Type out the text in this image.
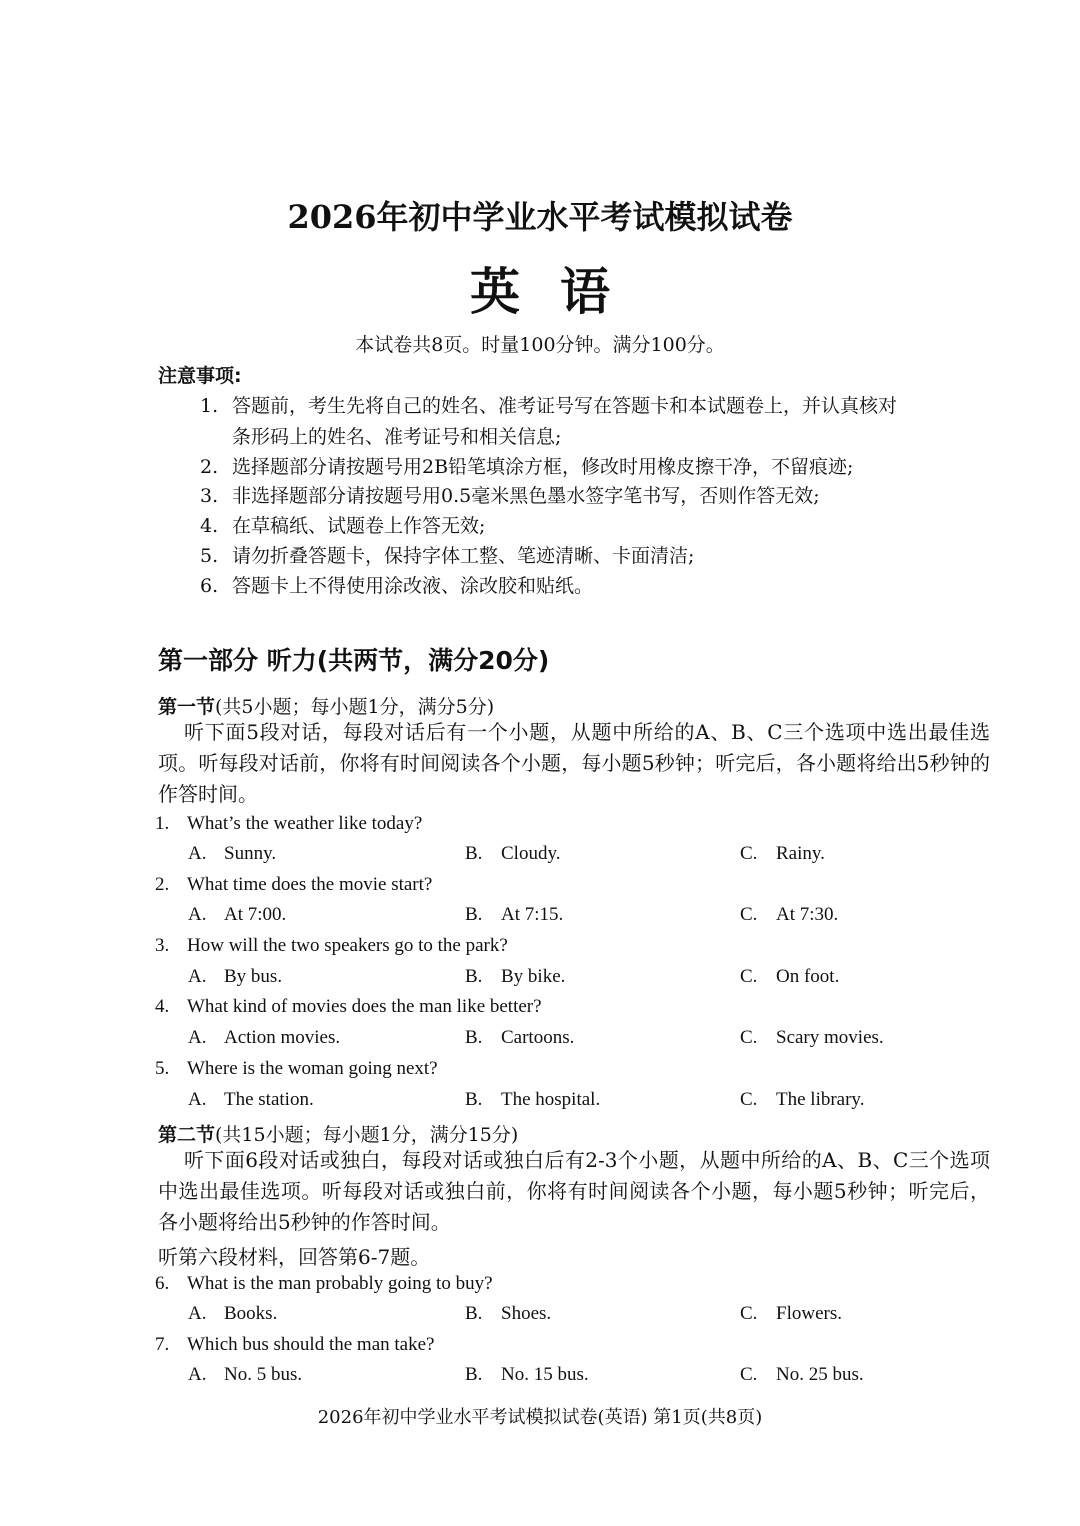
2026年初中学业水平考试模拟试卷
英语
本试卷共8页。时量100分钟。满分100分。
注意事项:
1. 答题前，考生先将自己的姓名、准考证号写在答题卡和本试题卷上，并认真核对
条形码上的姓名、准考证号和相关信息;
2. 选择题部分请按题号用2B铅笔填涂方框，修改时用橡皮擦干净，不留痕迹;
3. 非选择题部分请按题号用0.5毫米黑色墨水签字笔书写，否则作答无效;
4. 在草稿纸、试题卷上作答无效;
5. 请勿折叠答题卡，保持字体工整、笔迹清晰、卡面清洁;
6. 答题卡上不得使用涂改液、涂改胶和贴纸。
第一部分 听力(共两节，满分20分)
第一节(共5小题；每小题1分，满分5分)
听下面5段对话，每段对话后有一个小题，从题中所给的A、B、C三个选项中选出最佳选项。听每段对话前，你将有时间阅读各个小题，每小题5秒钟；听完后，各小题将给出5秒钟的作答时间。
1. What’s the weather like today?
A. Sunny.	B. Cloudy.	C. Rainy.
2. What time does the movie start?
A. At 7:00.	B. At 7:15.	C. At 7:30.
3. How will the two speakers go to the park?
A. By bus.	B. By bike.	C. On foot.
4. What kind of movies does the man like better?
A. Action movies.	B. Cartoons.	C. Scary movies.
5. Where is the woman going next?
A. The station.	B. The hospital.	C. The library.
第二节(共15小题；每小题1分，满分15分)
听下面6段对话或独白，每段对话或独白后有2-3个小题，从题中所给的A、B、C三个选项中选出最佳选项。听每段对话或独白前，你将有时间阅读各个小题，每小题5秒钟；听完后，各小题将给出5秒钟的作答时间。
听第六段材料，回答第6-7题。
6. What is the man probably going to buy?
A. Books.	B. Shoes.	C. Flowers.
7. Which bus should the man take?
A. No. 5 bus.	B. No. 15 bus.	C. No. 25 bus.
2026年初中学业水平考试模拟试卷(英语) 第1页(共8页)
